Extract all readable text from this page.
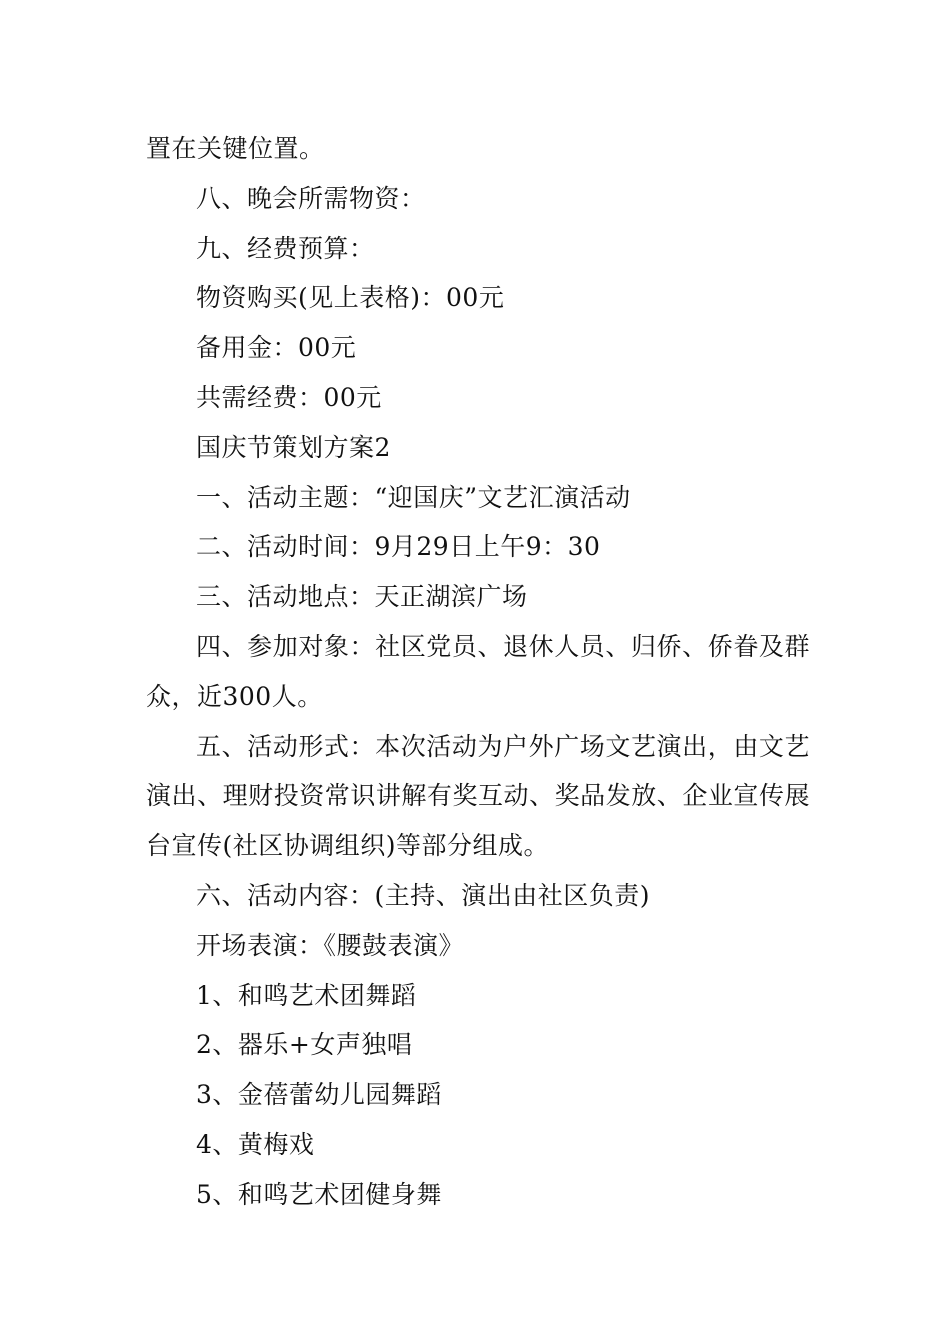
置在关键位置。

八、晚会所需物资：

九、经费预算：

物资购买(见上表格)：00元

备用金：00元

共需经费：00元

国庆节策划方案2

一、活动主题：“迎国庆”文艺汇演活动

二、活动时间：9月29日上午9：30

三、活动地点：天正湖滨广场

四、参加对象：社区党员、退休人员、归侨、侨眷及群众，近300人。

五、活动形式：本次活动为户外广场文艺演出，由文艺演出、理财投资常识讲解有奖互动、奖品发放、企业宣传展台宣传(社区协调组织)等部分组成。

六、活动内容：(主持、演出由社区负责)

开场表演：《腰鼓表演》

1、和鸣艺术团舞蹈

2、器乐+女声独唱

3、金蓓蕾幼儿园舞蹈

4、黄梅戏

5、和鸣艺术团健身舞
